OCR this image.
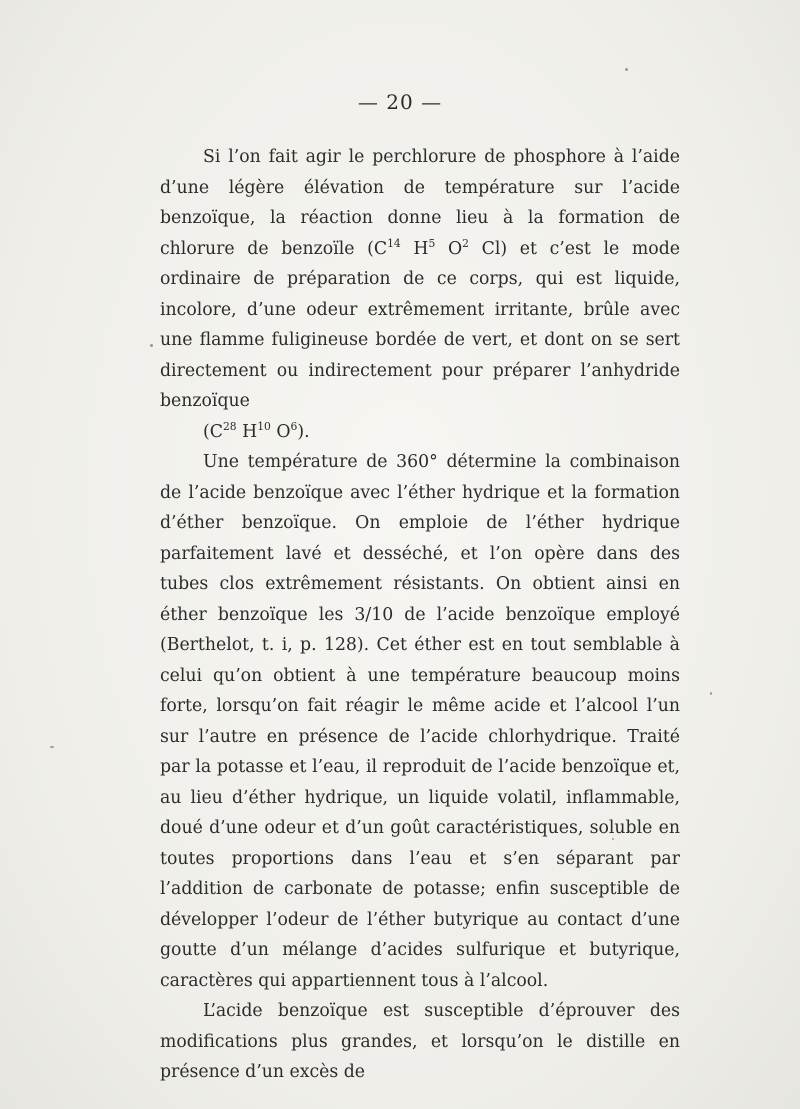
— 20 —

Si l’on fait agir le perchlorure de phosphore à l’aide d’une légère élévation de température sur l’acide benzoïque, la réaction donne lieu à la formation de chlorure de benzoïle ($C^{14}$ $H^5$ $O^2$ Cl) et c’est le mode ordinaire de préparation de ce corps, qui est liquide, incolore, d’une odeur extrêmement irritante, brûle avec une flamme fuligineuse bordée de vert, et dont on se sert directement ou indirectement pour préparer l’anhydride benzoïque

($C^{28}$ $H^{10}$ $O^6$).

Une température de 360° détermine la combinaison de l’acide benzoïque avec l’éther hydrique et la formation d’éther benzoïque. On emploie de l’éther hydrique parfaitement lavé et desséché, et l’on opère dans des tubes clos extrêmement résistants. On obtient ainsi en éther benzoïque les 3/10 de l’acide benzoïque employé (Berthelot, t. i, p. 128). Cet éther est en tout semblable à celui qu’on obtient à une température beaucoup moins forte, lorsqu’on fait réagir le même acide et l’alcool l’un sur l’autre en présence de l’acide chlorhydrique. Traité par la potasse et l’eau, il reproduit de l’acide benzoïque et, au lieu d’éther hydrique, un liquide volatil, inflammable, doué d’une odeur et d’un goût caractéristiques, soluble en toutes proportions dans l’eau et s’en séparant par l’addition de carbonate de potasse; enfin susceptible de développer l’odeur de l’éther butyrique au contact d’une goutte d’un mélange d’acides sulfurique et butyrique, caractères qui appartiennent tous à l’alcool.

L’acide benzoïque est susceptible d’éprouver des modifications plus grandes, et lorsqu’on le distille en présence d’un excès de
